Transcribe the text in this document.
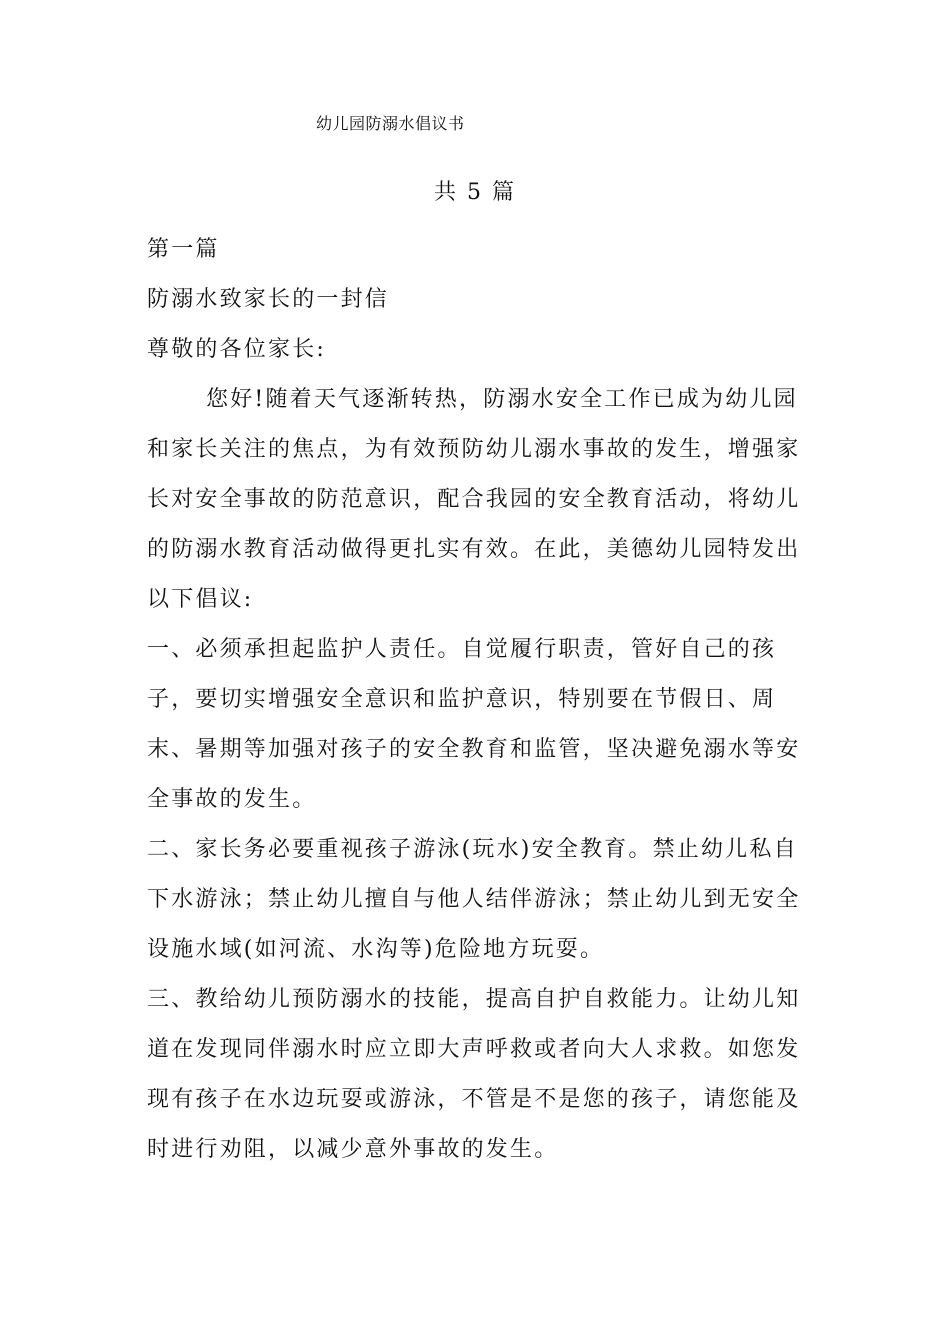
幼儿园防溺水倡议书
共 5 篇

第一篇

防溺水致家长的一封信

尊敬的各位家长:

您好!随着天气逐渐转热，防溺水安全工作已成为幼儿园和家长关注的焦点，为有效预防幼儿溺水事故的发生，增强家长对安全事故的防范意识，配合我园的安全教育活动，将幼儿的防溺水教育活动做得更扎实有效。在此，美德幼儿园特发出以下倡议:

一、必须承担起监护人责任。自觉履行职责，管好自己的孩子，要切实增强安全意识和监护意识，特别要在节假日、周末、暑期等加强对孩子的安全教育和监管，坚决避免溺水等安全事故的发生。

二、家长务必要重视孩子游泳(玩水)安全教育。禁止幼儿私自下水游泳；禁止幼儿擅自与他人结伴游泳；禁止幼儿到无安全设施水域(如河流、水沟等)危险地方玩耍。

三、教给幼儿预防溺水的技能，提高自护自救能力。让幼儿知道在发现同伴溺水时应立即大声呼救或者向大人求救。如您发现有孩子在水边玩耍或游泳，不管是不是您的孩子，请您能及时进行劝阻，以减少意外事故的发生。
